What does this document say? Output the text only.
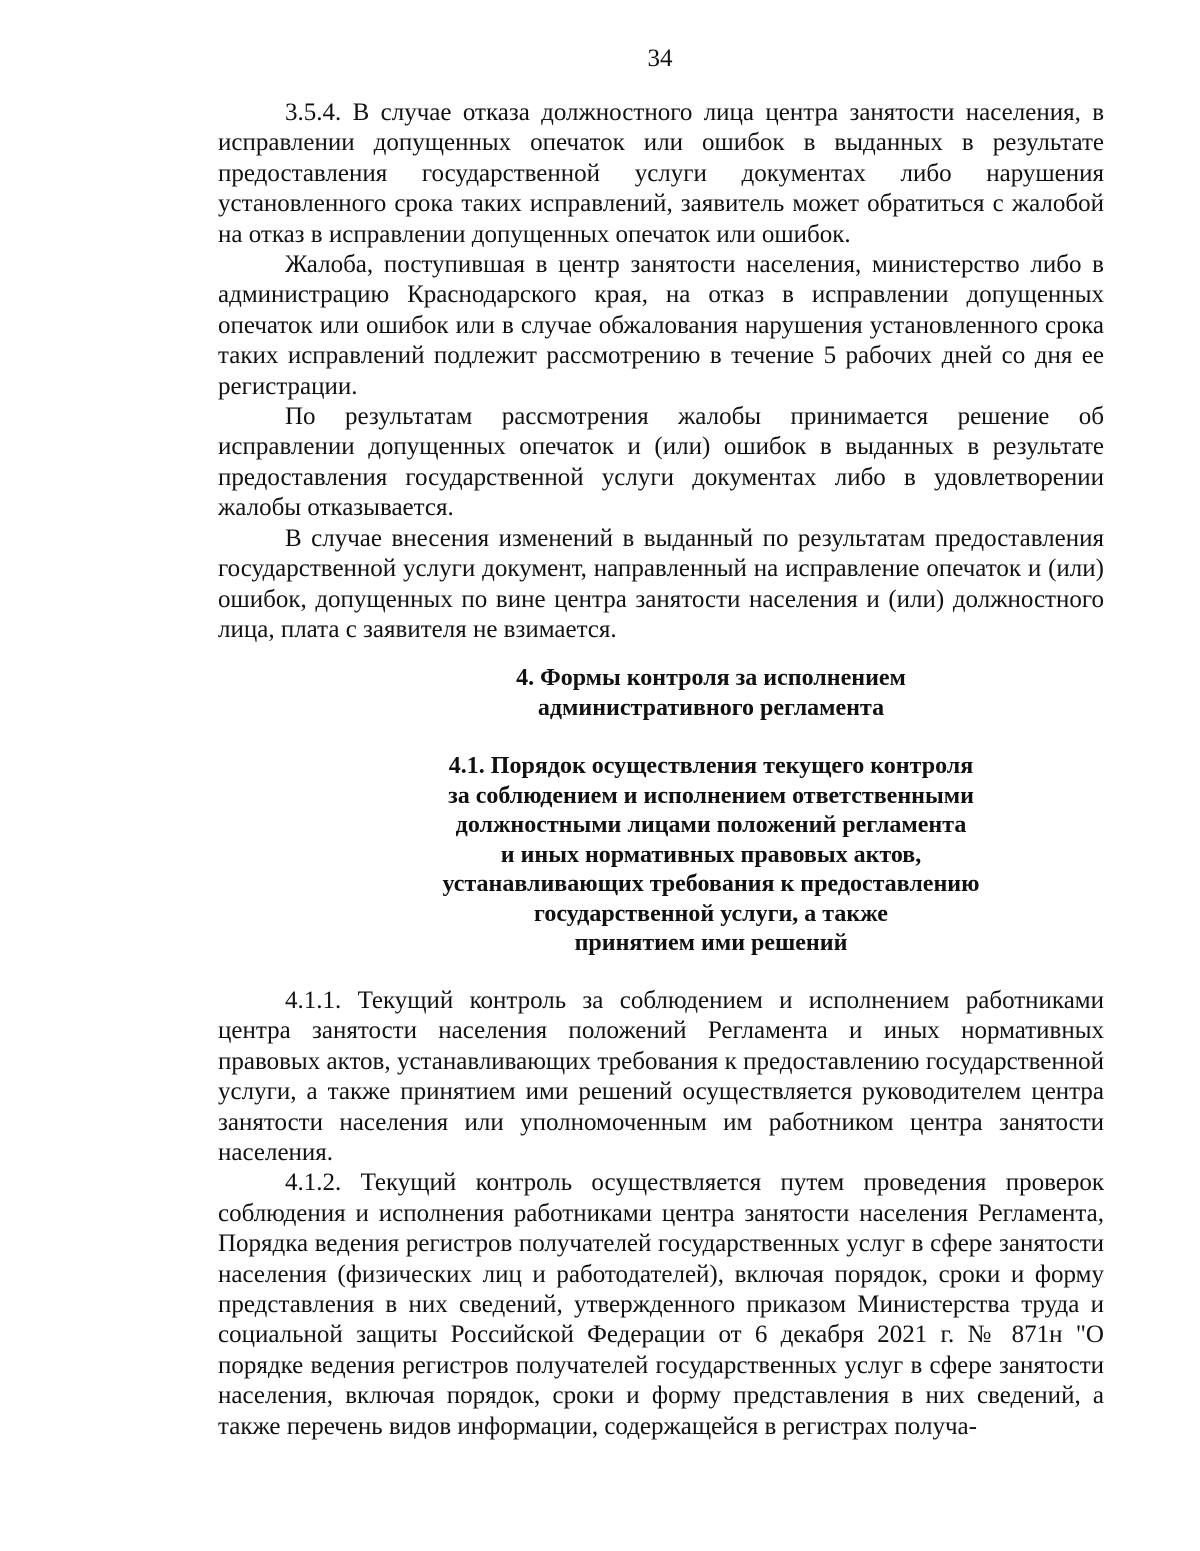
34

3.5.4. В случае отказа должностного лица центра занятости населения, в исправлении допущенных опечаток или ошибок в выданных в результате предоставления государственной услуги документах либо нарушения установленного срока таких исправлений, заявитель может обратиться с жалобой на отказ в исправлении допущенных опечаток или ошибок.

Жалоба, поступившая в центр занятости населения, министерство либо в администрацию Краснодарского края, на отказ в исправлении допущенных опечаток или ошибок или в случае обжалования нарушения установленного срока таких исправлений подлежит рассмотрению в течение 5 рабочих дней со дня ее регистрации.

По результатам рассмотрения жалобы принимается решение об исправлении допущенных опечаток и (или) ошибок в выданных в результате предоставления государственной услуги документах либо в удовлетворении жалобы отказывается.

В случае внесения изменений в выданный по результатам предоставления государственной услуги документ, направленный на исправление опечаток и (или) ошибок, допущенных по вине центра занятости населения и (или) должностного лица, плата с заявителя не взимается.

4. Формы контроля за исполнением
административного регламента
4.1. Порядок осуществления текущего контроля
за соблюдением и исполнением ответственными
должностными лицами положений регламента
и иных нормативных правовых актов,
устанавливающих требования к предоставлению
государственной услуги, а также
принятием ими решений

4.1.1. Текущий контроль за соблюдением и исполнением работниками центра занятости населения положений Регламента и иных нормативных правовых актов, устанавливающих требования к предоставлению государственной услуги, а также принятием ими решений осуществляется руководителем центра занятости населения или уполномоченным им работником центра занятости населения.

4.1.2. Текущий контроль осуществляется путем проведения проверок соблюдения и исполнения работниками центра занятости населения Регламента, Порядка ведения регистров получателей государственных услуг в сфере занятости населения (физических лиц и работодателей), включая порядок, сроки и форму представления в них сведений, утвержденного приказом Министерства труда и социальной защиты Российской Федерации от 6 декабря 2021 г. № 871н "О порядке ведения регистров получателей государственных услуг в сфере занятости населения, включая порядок, сроки и форму представления в них сведений, а также перечень видов информации, содержащейся в регистрах получа-
